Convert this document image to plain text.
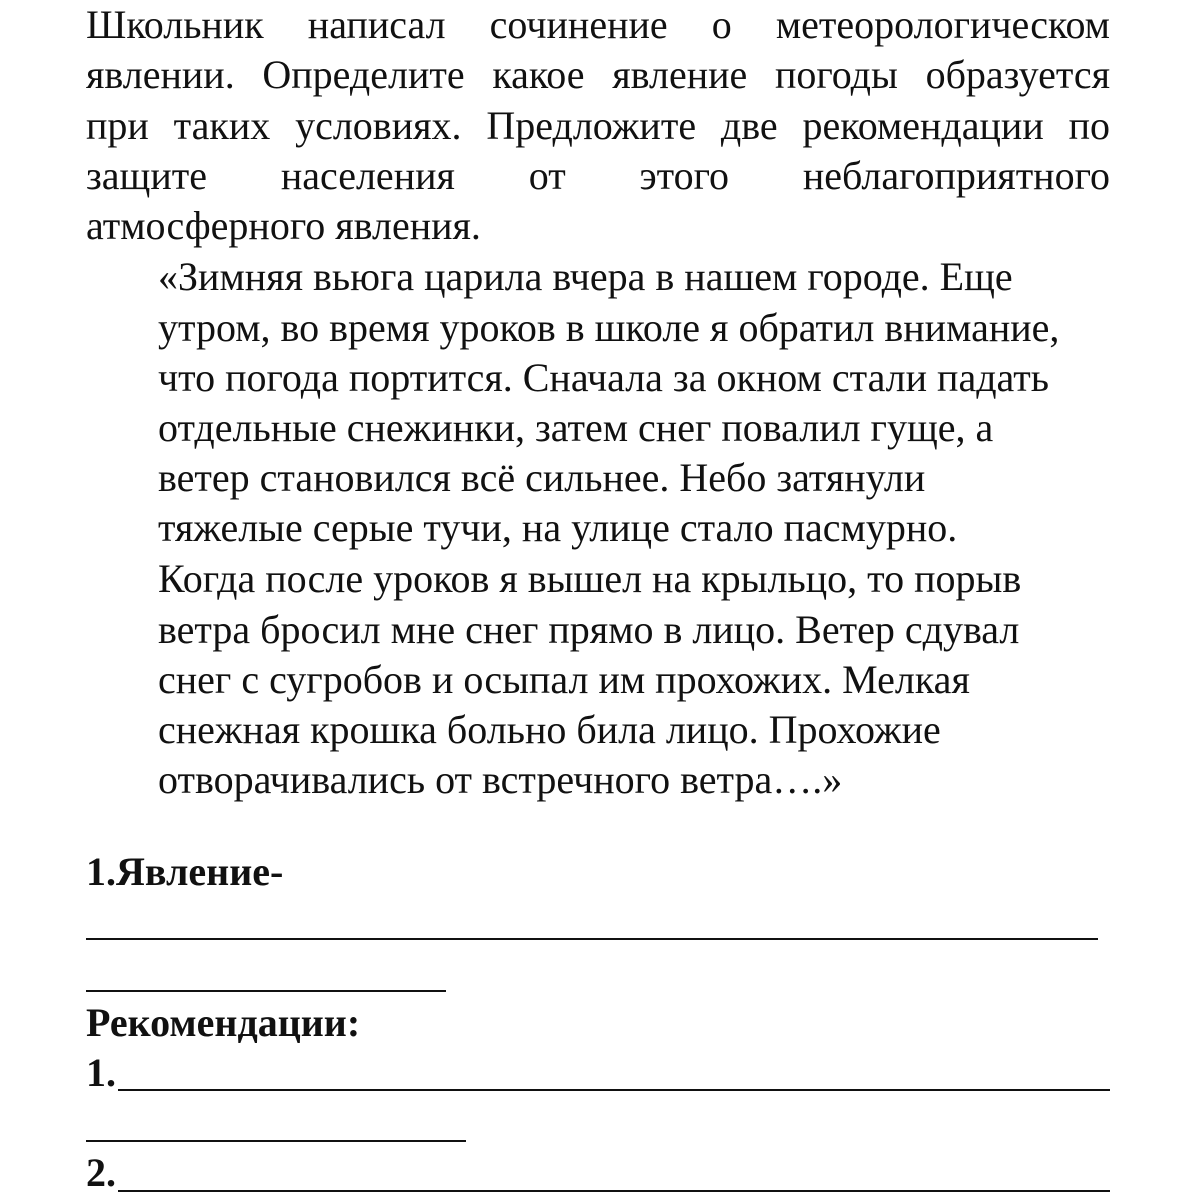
Школьник написал сочинение о метеорологическом
явлении. Определите какое явление погоды образуется
при таких условиях. Предложите две рекомендации по
защите населения от этого неблагоприятного
атмосферного явления.
«Зимняя вьюга царила вчера в нашем городе. Еще
утром, во время уроков в школе я обратил внимание,
что погода портится. Сначала за окном стали падать
отдельные снежинки, затем снег повалил гуще, а
ветер становился всё сильнее. Небо затянули
тяжелые серые тучи, на улице стало пасмурно.
Когда после уроков я вышел на крыльцо, то порыв
ветра бросил мне снег прямо в лицо. Ветер сдувал
снег с сугробов и осыпал им прохожих. Мелкая
снежная крошка больно била лицо. Прохожие
отворачивались от встречного ветра….»
1.Явление-
Рекомендации:
1.
2.
